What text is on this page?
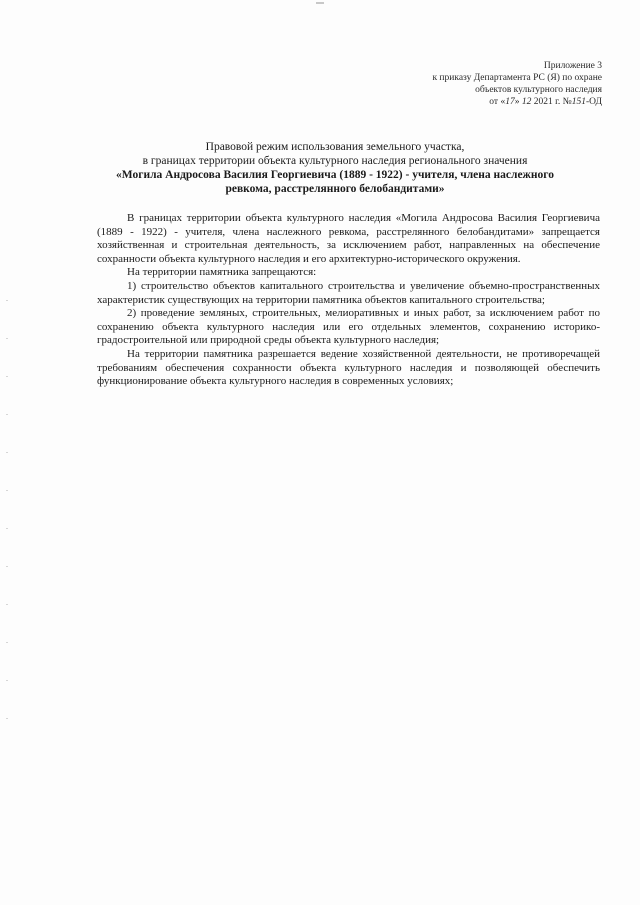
Приложение 3
к приказу Департамента РС (Я) по охране
объектов культурного наследия
от «17» 12 2021 г. №151-ОД
Правовой режим использования земельного участка,
в границах территории объекта культурного наследия регионального значения
«Могила Андросова Василия Георгиевича (1889 - 1922) - учителя, члена наслежного
ревкома, расстрелянного белобандитами»

В границах территории объекта культурного наследия «Могила Андросова Василия Георгиевича (1889 - 1922) - учителя, члена наслежного ревкома, расстрелянного белобандитами» запрещается хозяйственная и строительная деятельность, за исключением работ, направленных на обеспечение сохранности объекта культурного наследия и его архитектурно-исторического окружения.

На территории памятника запрещаются:

1) строительство объектов капитального строительства и увеличение объемно-пространственных характеристик существующих на территории памятника объектов капитального строительства;

2) проведение земляных, строительных, мелиоративных и иных работ, за исключением работ по сохранению объекта культурного наследия или его отдельных элементов, сохранению историко-градостроительной или природной среды объекта культурного наследия;

На территории памятника разрешается ведение хозяйственной деятельности, не противоречащей требованиям обеспечения сохранности объекта культурного наследия и позволяющей обеспечить функционирование объекта культурного наследия в современных условиях;
